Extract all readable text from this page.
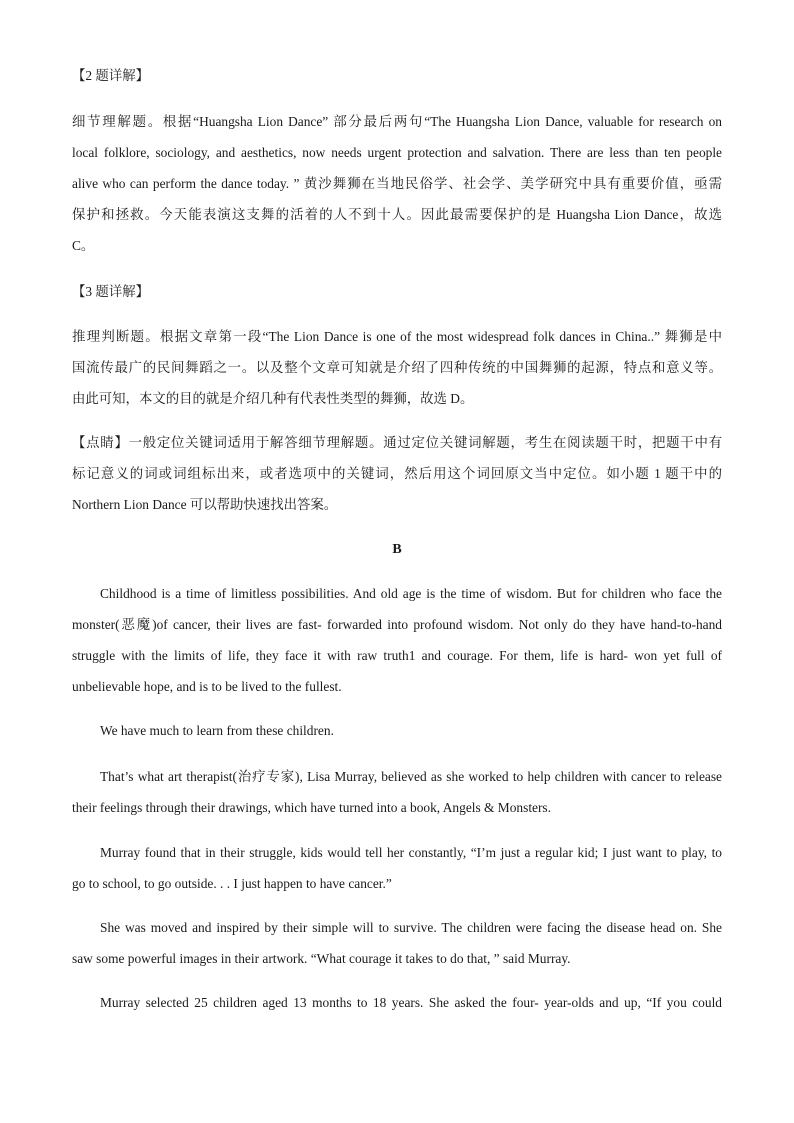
【2 题详解】
细节理解题。根据“Huangsha Lion Dance” 部分最后两句“The Huangsha Lion Dance, valuable for research on
local folklore, sociology, and aesthetics, now needs urgent protection and salvation. There are less than ten people
alive who can perform the dance today. ” 黄沙舞狮在当地民俗学、社会学、美学研究中具有重要价值，亟需
保护和拯救。今天能表演这支舞的活着的人不到十人。因此最需要保护的是 Huangsha Lion Dance，故选
C。
【3 题详解】
推理判断题。根据文章第一段“The Lion Dance is one of the most widespread folk dances in China..” 舞狮是中
国流传最广的民间舞蹈之一。以及整个文章可知就是介绍了四种传统的中国舞狮的起源，特点和意义等。
由此可知，本文的目的就是介绍几种有代表性类型的舞狮，故选 D。
【点睛】一般定位关键词适用于解答细节理解题。通过定位关键词解题，考生在阅读题干时，把题干中有
标记意义的词或词组标出来，或者选项中的关键词，然后用这个词回原文当中定位。如小题 1 题干中的
Northern Lion Dance 可以帮助快速找出答案。
B
Childhood is a time of limitless possibilities. And old age is the time of wisdom. But for children who face the
monster(恶魔)of cancer, their lives are fast- forwarded into profound wisdom. Not only do they have hand-to-hand
struggle with the limits of life, they face it with raw truth1 and courage. For them, life is hard- won yet full of
unbelievable hope, and is to be lived to the fullest.
We have much to learn from these children.
That’s what art therapist(治疗专家), Lisa Murray, believed as she worked to help children with cancer to release
their feelings through their drawings, which have turned into a book, Angels & Monsters.
Murray found that in their struggle, kids would tell her constantly, “I’m just a regular kid; I just want to play, to
go to school, to go outside. . . I just happen to have cancer.”
She was moved and inspired by their simple will to survive. The children were facing the disease head on. She
saw some powerful images in their artwork. “What courage it takes to do that, ” said Murray.
Murray selected 25 children aged 13 months to 18 years. She asked the four- year-olds and up, “If you could
